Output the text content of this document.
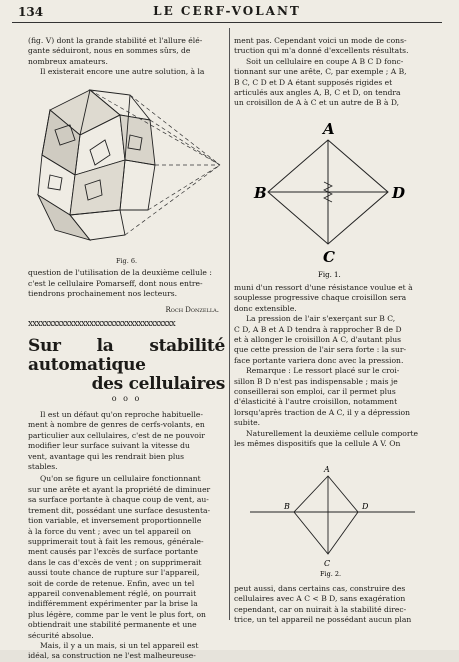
134	LE CERF-VOLANT

(fig. V) dont la grande stabilité et l'allure élé-

gante séduiront, nous en sommes sûrs, de

nombreux amateurs.

Il existerait encore une autre solution, à la

Fig. 6.

question de l'utilisation de la deuxième cellule :

c'est le cellulaire Pomarseff, dont nous entre-

tiendrons prochainement nos lecteurs.

Roch Donzella.

xxxxxxxxxxxxxxxxxxxxxxxxxxxxxxxxxxxx
Sur la stabilité automatique
des cellulaires
o o o

Il est un défaut qu'on reproche habituelle-

ment à nombre de genres de cerfs-volants, en

particulier aux cellulaires, c'est de ne pouvoir

modifier leur surface suivant la vitesse du

vent, avantage qui les rendrait bien plus

stables.

Qu'on se figure un cellulaire fonctionnant

sur une arête et ayant la propriété de diminuer

sa surface portante à chaque coup de vent, au-

trement dit, possédant une surface desustenta-

tion variable, et inversement proportionnelle

à la force du vent ; avec un tel appareil on

supprimerait tout à fait les remous, générale-

ment causés par l'excès de surface portante

dans le cas d'excès de vent ; on supprimerait

aussi toute chance de rupture sur l'appareil,

soit de corde de retenue. Enfin, avec un tel

appareil convenablement réglé, on pourrait

indifféremment expérimenter par la brise la

plus légère, comme par le vent le plus fort, on

obtiendrait une stabilité permanente et une

sécurité absolue.

Mais, il y a un mais, si un tel appareil est

idéal, sa construction ne l'est malheureuse-

ment pas. Cependant voici un mode de cons-

truction qui m'a donné d'excellents résultats.

Soit un cellulaire en coupe A B C D fonc-

tionnant sur une arête, C, par exemple ; A B,

B C, C D et D A étant supposés rigides et

articulés aux angles A, B, C et D, on tendra

un croisillon de A à C et un autre de B à D,

A
B
C
D
Fig. 1.

muni d'un ressort d'une résistance voulue et à

souplesse progressive chaque croisillon sera

donc extensible.

La pression de l'air s'exerçant sur B C,

C D, A B et A D tendra à rapprocher B de D

et à allonger le croisillon A C, d'autant plus

que cette pression de l'air sera forte : la sur-

face portante variera donc avec la pression.

Remarque : Le ressort placé sur le croi-

sillon B D n'est pas indispensable ; mais je

conseillerai son emploi, car il permet plus

d'élasticité à l'autre croisillon, notamment

lorsqu'après traction de A C, il y a dépression

subite.

Naturellement la deuxième cellule comporte

les mêmes dispositifs que la cellule A V. On

A
B
C
D
Fig. 2.

peut aussi, dans certains cas, construire des

cellulaires avec A C < B D, sans exagération

cependant, car on nuirait à la stabilité direc-

trice, un tel appareil ne possédant aucun plan
